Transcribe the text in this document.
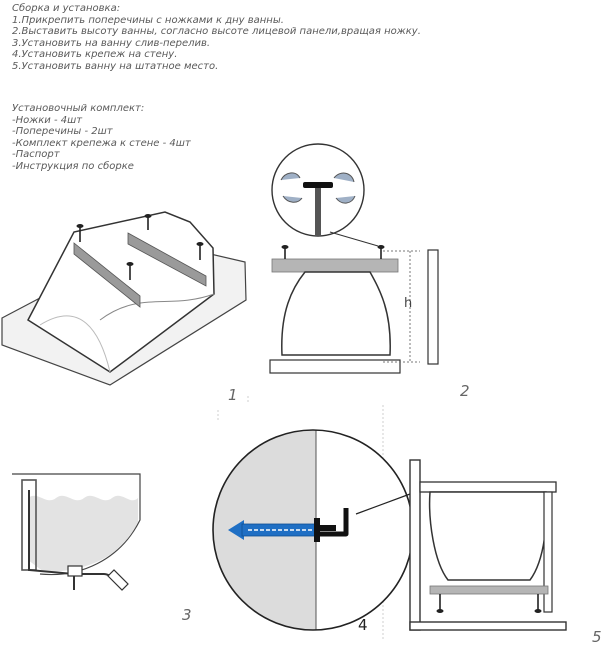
Сборка и установка:
1.Прикрепить поперечины с ножками к дну ванны.
2.Выставить высоту ванны, согласно высоте лицевой панели,вращая ножку.
3.Установить на ванну слив-перелив.
4.Установить крепеж на стену.
5.Установить ванну на штатное место.
Установочный комплект:
-Ножки - 4шт
-Поперечины - 2шт
-Комплект крепежа к стене - 4шт
-Паспорт
-Инструкция по сборке
1
h
2
3
4
5
